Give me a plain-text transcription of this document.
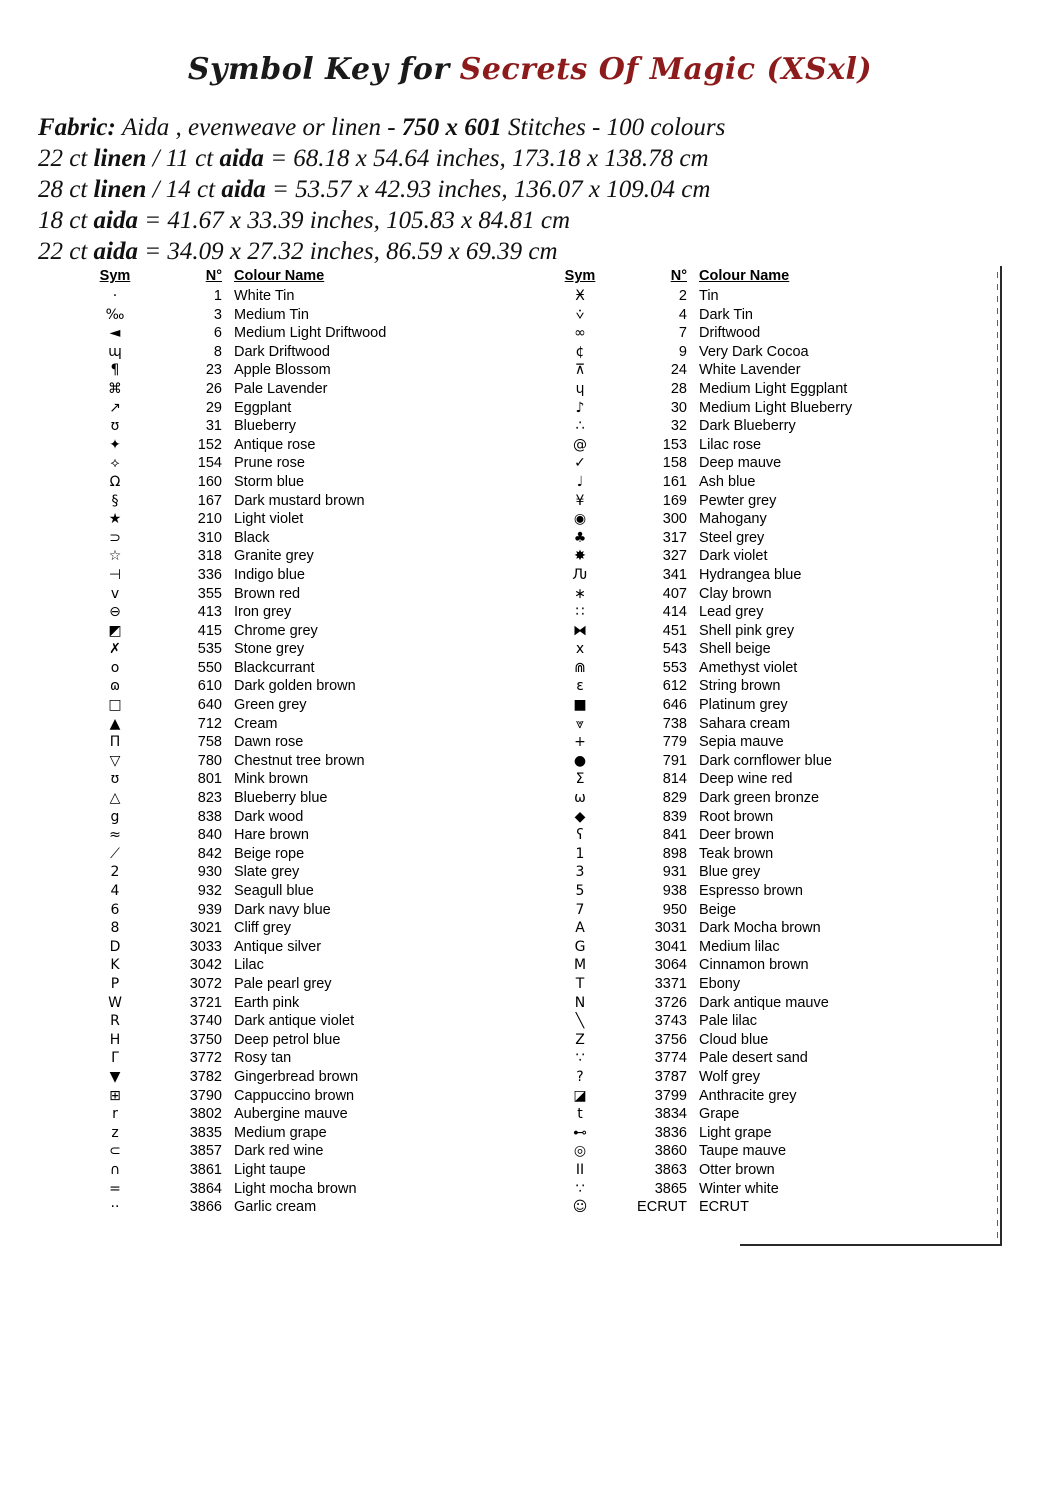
Symbol Key for Secrets Of Magic (XSxl)
Fabric: Aida , evenweave or linen - 750 x 601 Stitches - 100 colours
22 ct linen / 11 ct aida = 68.18 x 54.64 inches, 173.18 x 138.78 cm
28 ct linen / 14 ct aida = 53.57 x 42.93 inches, 136.07 x 109.04 cm
18 ct aida = 41.67 x 33.39 inches, 105.83 x 84.81 cm
22 ct aida = 34.09 x 27.32 inches, 86.59 x 69.39 cm
Sym	N°	Colour Name
·	1	White Tin
‰	3	Medium Tin
◄	6	Medium Light Driftwood
ɰ	8	Dark Driftwood
¶	23	Apple Blossom
⌘	26	Pale Lavender
↗	29	Eggplant
ʊ	31	Blueberry
✦	152	Antique rose
⟡	154	Prune rose
Ω	160	Storm blue
§	167	Dark mustard brown
★	210	Light violet
⊃	310	Black
☆	318	Granite grey
⊣	336	Indigo blue
v	355	Brown red
⊖	413	Iron grey
◩	415	Chrome grey
✗	535	Stone grey
o	550	Blackcurrant
ɷ	610	Dark golden brown
□	640	Green grey
▲	712	Cream
Π	758	Dawn rose
▽	780	Chestnut tree brown
ʊ	801	Mink brown
△	823	Blueberry blue
g	838	Dark wood
≈	840	Hare brown
⟋	842	Beige rope
2	930	Slate grey
4	932	Seagull blue
6	939	Dark navy blue
8	3021	Cliff grey
D	3033	Antique silver
K	3042	Lilac
P	3072	Pale pearl grey
W	3721	Earth pink
R	3740	Dark antique violet
H	3750	Deep petrol blue
Γ	3772	Rosy tan
▼	3782	Gingerbread brown
⊞	3790	Cappuccino brown
r	3802	Aubergine mauve
z	3835	Medium grape
⊂	3857	Dark red wine
∩	3861	Light taupe
=	3864	Light mocha brown
··	3866	Garlic cream
Sym	N°	Colour Name
Ӿ	2	Tin
⩒	4	Dark Tin
∞	7	Driftwood
¢	9	Very Dark Cocoa
⊼	24	White Lavender
ɥ	28	Medium Light Eggplant
♪	30	Medium Light Blueberry
∴	32	Dark Blueberry
@	153	Lilac rose
✓	158	Deep mauve
♩	161	Ash blue
¥	169	Pewter grey
◉	300	Mahogany
♣	317	Steel grey
✸	327	Dark violet
Ԉ	341	Hydrangea blue
∗	407	Clay brown
∷	414	Lead grey
⧓	451	Shell pink grey
x	543	Shell beige
⋒	553	Amethyst violet
ɛ	612	String brown
■	646	Platinum grey
⩔	738	Sahara cream
+	779	Sepia mauve
●	791	Dark cornflower blue
Σ	814	Deep wine red
ω	829	Dark green bronze
◆	839	Root brown
ʕ	841	Deer brown
1	898	Teak brown
3	931	Blue grey
5	938	Espresso brown
7	950	Beige
A	3031	Dark Mocha brown
G	3041	Medium lilac
M	3064	Cinnamon brown
T	3371	Ebony
N	3726	Dark antique mauve
╲	3743	Pale lilac
Z	3756	Cloud blue
∵	3774	Pale desert sand
?	3787	Wolf grey
◪	3799	Anthracite grey
t	3834	Grape
⊷	3836	Light grape
◎	3860	Taupe mauve
ΙΙ	3863	Otter brown
∵	3865	Winter white
☺	ECRUT	ECRUT
